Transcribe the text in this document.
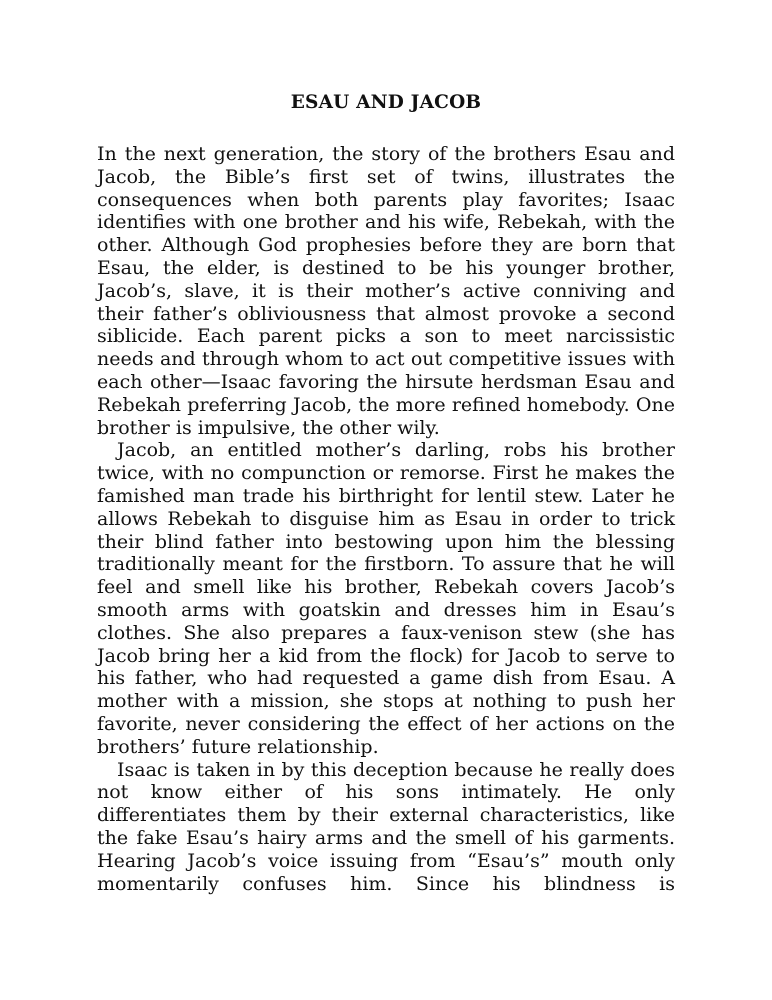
ESAU AND JACOB

In the next generation, the story of the brothers Esau and Jacob, the Bible’s first set of twins, illustrates the consequences when both parents play favorites; Isaac identifies with one brother and his wife, Rebekah, with the other. Although God prophesies before they are born that Esau, the elder, is destined to be his younger brother, Jacob’s, slave, it is their mother’s active conniving and their father’s obliviousness that almost provoke a second siblicide. Each parent picks a son to meet narcissistic needs and through whom to act out competitive issues with each other—Isaac favoring the hirsute herdsman Esau and Rebekah preferring Jacob, the more refined homebody. One brother is impulsive, the other wily.

Jacob, an entitled mother’s darling, robs his brother twice, with no compunction or remorse. First he makes the famished man trade his birthright for lentil stew. Later he allows Rebekah to disguise him as Esau in order to trick their blind father into bestowing upon him the blessing traditionally meant for the firstborn. To assure that he will feel and smell like his brother, Rebekah covers Jacob’s smooth arms with goatskin and dresses him in Esau’s clothes. She also prepares a faux-venison stew (she has Jacob bring her a kid from the flock) for Jacob to serve to his father, who had requested a game dish from Esau. A mother with a mission, she stops at nothing to push her favorite, never considering the effect of her actions on the brothers’ future relationship.

Isaac is taken in by this deception because he really does not know either of his sons intimately. He only differentiates them by their external characteristics, like the fake Esau’s hairy arms and the smell of his garments. Hearing Jacob’s voice issuing from “Esau’s” mouth only momentarily confuses him. Since his blindness is
